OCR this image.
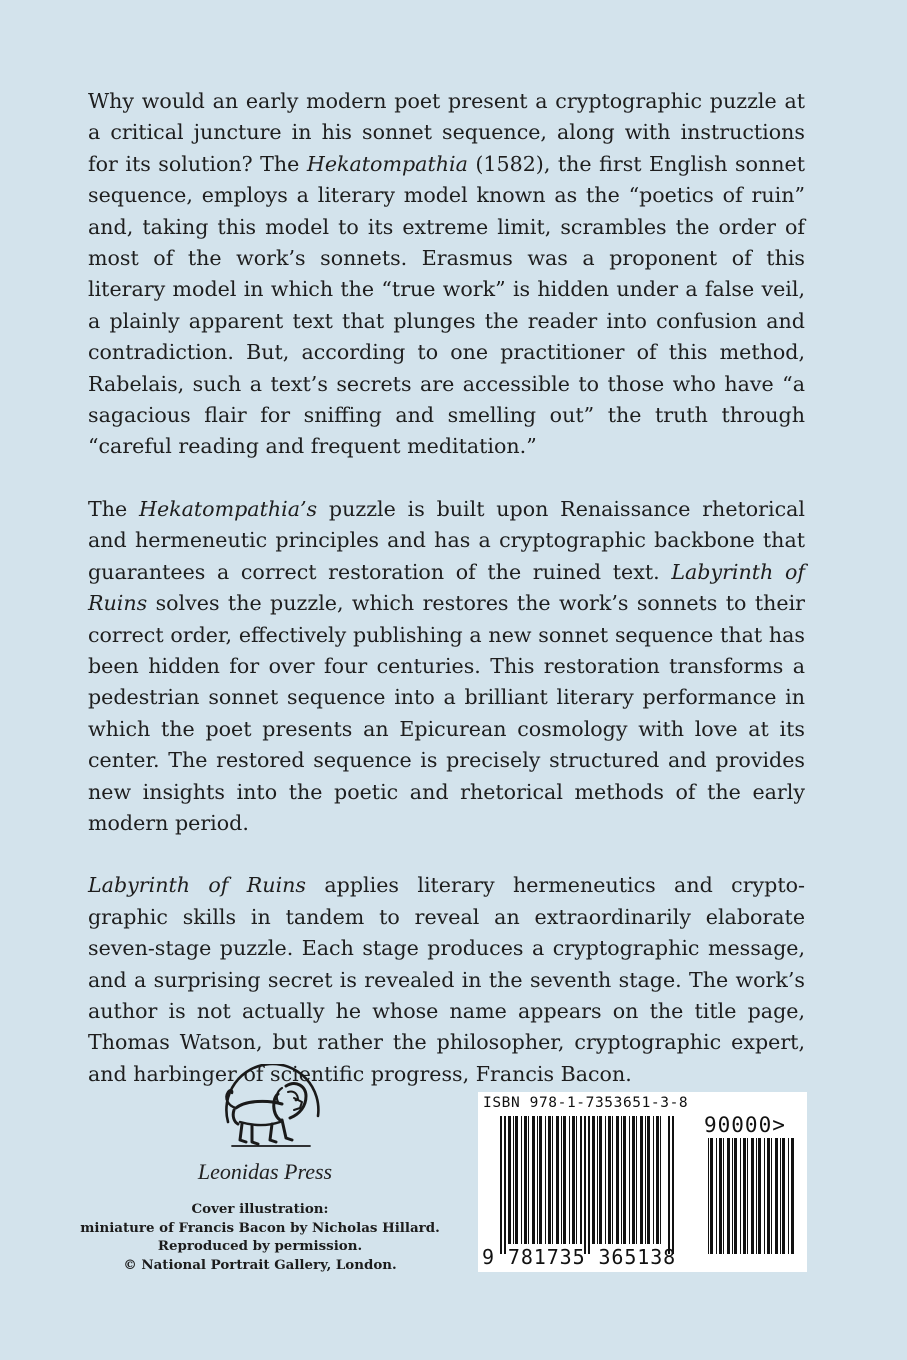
Why would an early modern poet present a cryptographic puzzle at a critical juncture in his sonnet sequence, along with instructions for its solution? The Hekatompathia (1582), the first English sonnet sequence, employs a literary model known as the “poetics of ruin” and, taking this model to its extreme limit, scrambles the order of most of the work’s sonnets. Erasmus was a proponent of this literary model in which the “true work” is hidden under a false veil, a plainly apparent text that plunges the reader into confusion and contradiction. But, according to one practitioner of this method, Rabelais, such a text’s secrets are accessible to those who have “a sagacious flair for sniffing and smelling out” the truth through “careful reading and frequent meditation.”

The Hekatompathia’s puzzle is built upon Renaissance rhetorical and hermeneutic principles and has a cryptographic backbone that guarantees a correct restoration of the ruined text. Labyrinth of Ruins solves the puzzle, which restores the work’s sonnets to their correct order, effectively publishing a new sonnet sequence that has been hidden for over four centuries. This restoration transforms a pedestrian sonnet sequence into a brilliant literary performance in which the poet presents an Epicurean cosmology with love at its center. The restored sequence is precisely structured and provides new insights into the poetic and rhetorical methods of the early modern period.

Labyrinth of Ruins applies literary hermeneutics and crypto- graphic skills in tandem to reveal an extraordinarily elaborate seven-stage puzzle. Each stage produces a cryptographic message, and a surprising secret is revealed in the seventh stage. The work’s author is not actually he whose name appears on the title page, Thomas Watson, but rather the philosopher, cryptographic expert, and harbinger of scientific progress, Francis Bacon.

Leonidas Press
Cover illustration:
miniature of Francis Bacon by Nicholas Hillard.
Reproduced by permission.
© National Portrait Gallery, London.
ISBN 978-1-7353651-3-8
90000>
9 781735 365138
